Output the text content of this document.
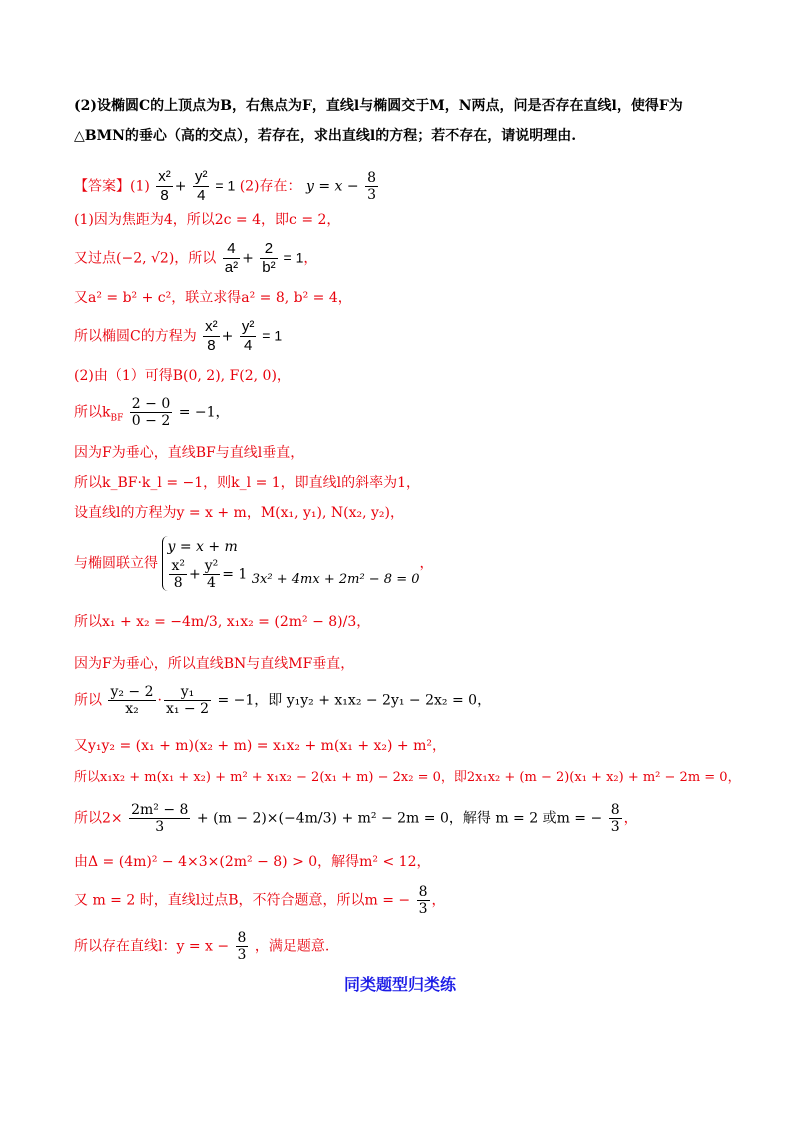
(2)设椭圆C的上顶点为B，右焦点为F，直线l与椭圆交于M，N两点，问是否存在直线l，使得F为
△BMN的垂心（高的交点），若存在，求出直线l的方程；若不存在，请说明理由.
【答案】$(1) \frac{\text{x²}}{8} + \frac{\text{y²}}{4} = 1$ (2)存在： $y = x - \frac{8}{3}$
(1)因为焦距为4，所以2c = 4，即c = 2，
又过点(−2, √2)，所以 $\frac{4}{\text{a²}} + \frac{2}{\text{b²}} = 1$，
又a² = b² + c²，联立求得a² = 8, b² = 4，
所以椭圆C的方程为 $\frac{\text{x²}}{8} + \frac{\text{y²}}{4} = 1$
(2)由（1）可得B(0, 2), F(2, 0)，
所以$k_{BF} \frac{2 - 0}{0 - 2} = -1$，
因为F为垂心，直线BF与直线l垂直，
所以k_BF·k_l = −1，则k_l = 1，即直线l的斜率为1，
设直线l的方程为y = x + m，M(x₁, y₁), N(x₂, y₂)，
与椭圆联立得
y = x + m
$\frac{\text{x²}}{8} + \frac{\text{y²}}{4} = 1$ 3x² + 4mx + 2m² − 8 = 0，
所以x₁ + x₂ = −4m/3, x₁x₂ = (2m² − 8)/3，
因为F为垂心，所以直线BN与直线MF垂直，
所以 $\frac{\text{y₂ − 2}}{\text{x₂}} \cdot \frac{\text{y₁}}{\text{x₁ − 2}} = -1$，即 y₁y₂ + x₁x₂ − 2y₁ − 2x₂ = 0，
又y₁y₂ = (x₁ + m)(x₂ + m) = x₁x₂ + m(x₁ + x₂) + m²，
所以x₁x₂ + m(x₁ + x₂) + m² + x₁x₂ − 2(x₁ + m) − 2x₂ = 0，即2x₁x₂ + (m − 2)(x₁ + x₂) + m² − 2m = 0，
所以$2\times \frac{\text{2m² − 8}}{3} + (m - 2)\times(-4m/3) + m^2 - 2m = 0$，解得 m = 2 或m = − $\frac{8}{3}$ ，
由Δ = (4m)² − 4×3×(2m² − 8) > 0，解得m² < 12，
又 m = 2 时，直线l过点B，不符合题意，所以m = − $\frac{8}{3}$ ，
所以存在直线l：$y = x - \frac{8}{3}$ ，满足题意.
同类题型归类练
